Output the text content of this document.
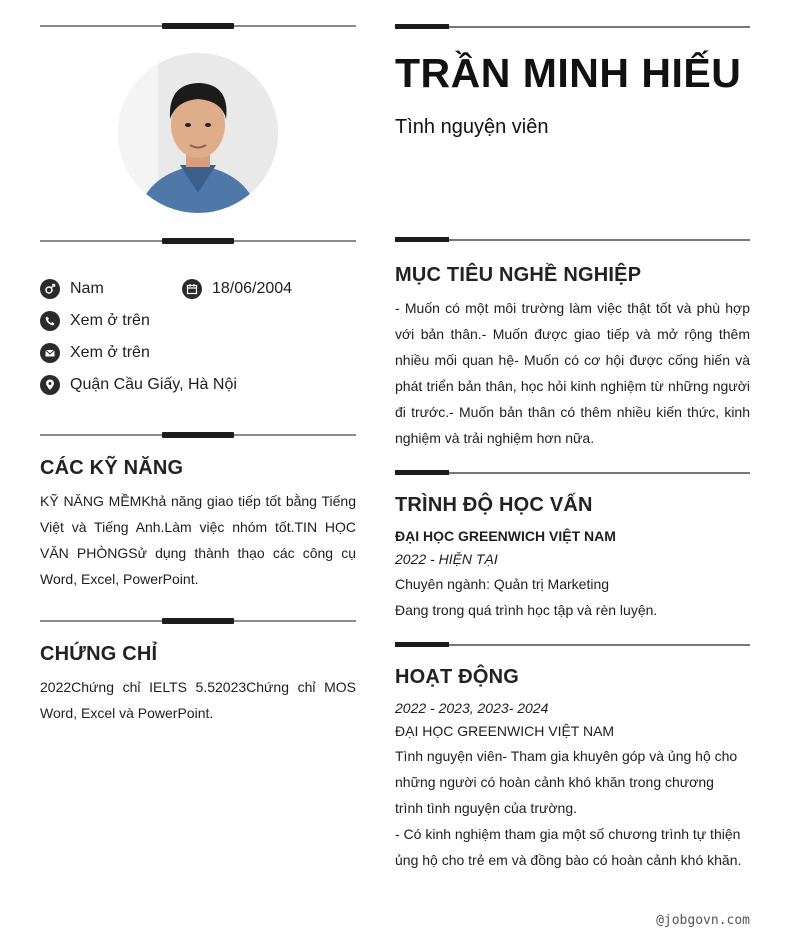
Nam	18/06/2004
Xem ở trên
Xem ở trên
Quận Cầu Giấy, Hà Nội
CÁC KỸ NĂNG
KỸ NĂNG MỀMKhả năng giao tiếp tốt bằng Tiếng Việt và Tiếng Anh.Làm việc nhóm tốt.TIN HỌC VĂN PHÒNGSử dụng thành thạo các công cụ Word, Excel, PowerPoint.
CHỨNG CHỈ
2022Chứng chỉ IELTS 5.52023Chứng chỉ MOS Word, Excel và PowerPoint.
TRẦN MINH HIẾU
Tình nguyện viên
MỤC TIÊU NGHỀ NGHIỆP
- Muốn có một môi trường làm việc thật tốt và phù hợp với bản thân.- Muốn được giao tiếp và mở rộng thêm nhiều mối quan hệ- Muốn có cơ hội được cống hiến và phát triển bản thân, học hỏi kinh nghiệm từ những người đi trước.- Muốn bản thân có thêm nhiều kiến thức, kinh nghiệm và trải nghiệm hơn nữa.
TRÌNH ĐỘ HỌC VẤN
ĐẠI HỌC GREENWICH VIỆT NAM
2022 - HIỆN TẠI
Chuyên ngành: Quản trị Marketing
Đang trong quá trình học tập và rèn luyện.
HOẠT ĐỘNG
2022 - 2023, 2023- 2024
ĐẠI HỌC GREENWICH VIỆT NAM
Tình nguyện viên- Tham gia khuyên góp và ủng hộ cho
những người có hoàn cảnh khó khăn trong chương
trình tình nguyện của trường.
- Có kinh nghiệm tham gia một số chương trình tự thiện
ủng hộ cho trẻ em và đồng bào có hoàn cảnh khó khăn.
@jobgovn.com
